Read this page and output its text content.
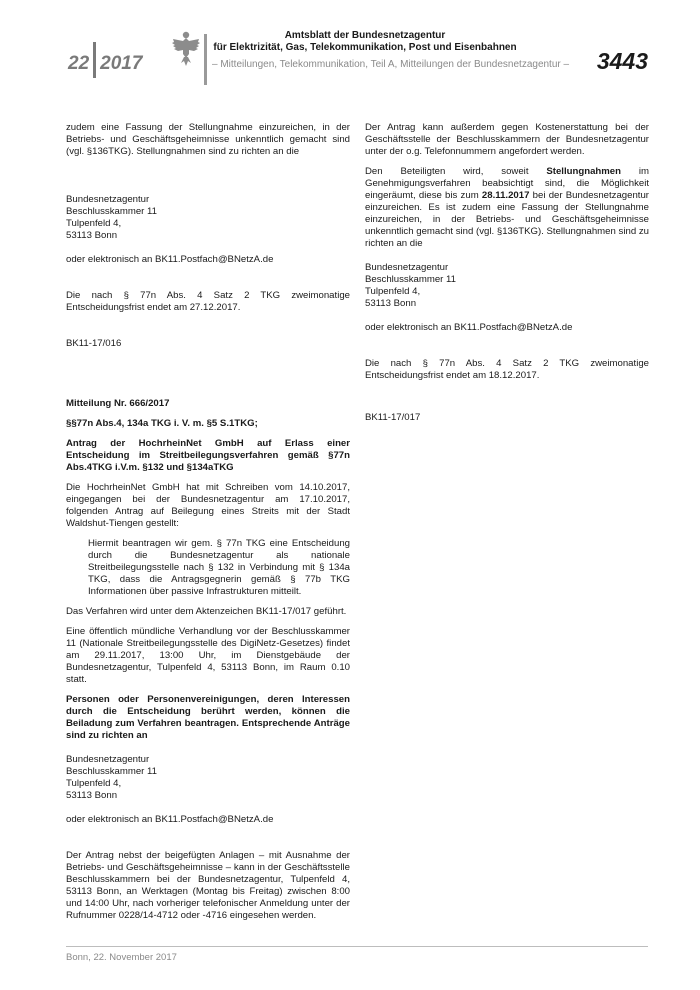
22 2017
Amtsblatt der Bundesnetzagentur
für Elektrizität, Gas, Telekommunikation, Post und Eisenbahnen
– Mitteilungen, Telekommunikation, Teil A, Mitteilungen der Bundesnetzagentur – 3443

zudem eine Fassung der Stellungnahme einzureichen, in der Betriebs- und Geschäftsgeheimnisse unkenntlich gemacht sind (vgl. §136TKG). Stellungnahmen sind zu richten an die

Bundesnetzagentur
Beschlusskammer 11
Tulpenfeld 4,
53113 Bonn

oder elektronisch an BK11.Postfach@BNetzA.de

Die nach § 77n Abs. 4 Satz 2 TKG zweimonatige Entscheidungsfrist endet am 27.12.2017.

BK11-17/016

Mitteilung Nr. 666/2017

§§77n Abs.4, 134a TKG i. V. m. §5 S.1TKG;

Antrag der HochrheinNet GmbH auf Erlass einer Entscheidung im Streitbeilegungsverfahren gemäß §77n Abs.4TKG i.V.m. §132 und §134aTKG

Die HochrheinNet GmbH hat mit Schreiben vom 14.10.2017, eingegangen bei der Bundesnetzagentur am 17.10.2017, folgenden Antrag auf Beilegung eines Streits mit der Stadt Waldshut-Tiengen gestellt:

Hiermit beantragen wir gem. § 77n TKG eine Entscheidung durch die Bundesnetzagentur als nationale Streitbeilegungsstelle nach § 132 in Verbindung mit § 134a TKG, dass die Antragsgegnerin gemäß § 77b TKG Informationen über passive Infrastrukturen mitteilt.

Das Verfahren wird unter dem Aktenzeichen BK11-17/017 geführt.

Eine öffentlich mündliche Verhandlung vor der Beschlusskammer 11 (Nationale Streitbeilegungsstelle des DigiNetz-Gesetzes) findet am 29.11.2017, 13:00 Uhr, im Dienstgebäude der Bundesnetzagentur, Tulpenfeld 4, 53113 Bonn, im Raum 0.10 statt.

Personen oder Personenvereinigungen, deren Interessen durch die Entscheidung berührt werden, können die Beiladung zum Verfahren beantragen. Entsprechende Anträge sind zu richten an

Bundesnetzagentur
Beschlusskammer 11
Tulpenfeld 4,
53113 Bonn

oder elektronisch an BK11.Postfach@BNetzA.de

Der Antrag nebst der beigefügten Anlagen – mit Ausnahme der Betriebs- und Geschäftsgeheimnisse – kann in der Geschäftsstelle Beschlusskammern bei der Bundesnetzagentur, Tulpenfeld 4, 53113 Bonn, an Werktagen (Montag bis Freitag) zwischen 8:00 und 14:00 Uhr, nach vorheriger telefonischer Anmeldung unter der Rufnummer 0228/14-4712 oder -4716 eingesehen werden.

Der Antrag kann außerdem gegen Kostenerstattung bei der Geschäftsstelle der Beschlusskammern der Bundesnetzagentur unter der o.g. Telefonnummern angefordert werden.

Den Beteiligten wird, soweit Stellungnahmen im Genehmigungsverfahren beabsichtigt sind, die Möglichkeit eingeräumt, diese bis zum 28.11.2017 bei der Bundesnetzagentur einzureichen. Es ist zudem eine Fassung der Stellungnahme einzureichen, in der Betriebs- und Geschäftsgeheimnisse unkenntlich gemacht sind (vgl. §136TKG). Stellungnahmen sind zu richten an die

Bundesnetzagentur
Beschlusskammer 11
Tulpenfeld 4,
53113 Bonn

oder elektronisch an BK11.Postfach@BNetzA.de

Die nach § 77n Abs. 4 Satz 2 TKG zweimonatige Entscheidungsfrist endet am 18.12.2017.

BK11-17/017

Bonn, 22. November 2017
